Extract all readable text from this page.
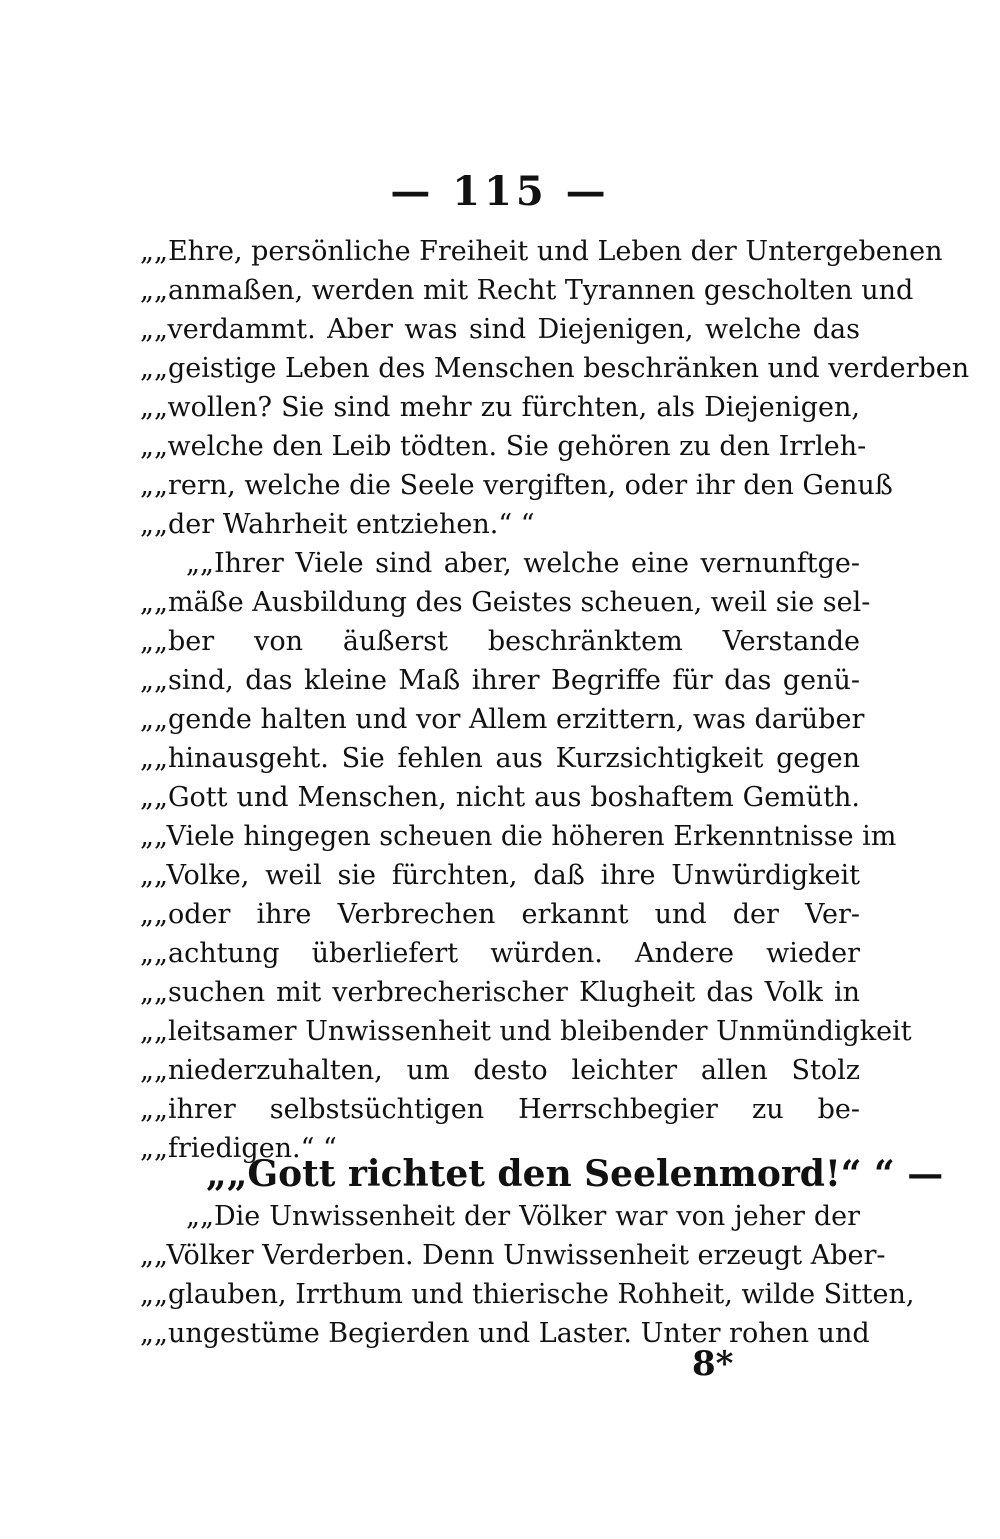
— 115 —
„„Ehre, persönliche Freiheit und Leben der Untergebenen
„„anmaßen, werden mit Recht Tyrannen gescholten und
„„verdammt. Aber was sind Diejenigen, welche das
„„geistige Leben des Menschen beschränken und verderben
„„wollen? Sie sind mehr zu fürchten, als Diejenigen,
„„welche den Leib tödten. Sie gehören zu den Irrleh-
„„rern, welche die Seele vergiften, oder ihr den Genuß
„„der Wahrheit entziehen.“ “
„„Ihrer Viele sind aber, welche eine vernunftge-
„„mäße Ausbildung des Geistes scheuen, weil sie sel-
„„ber von äußerst beschränktem Verstande
„„sind, das kleine Maß ihrer Begriffe für das genü-
„„gende halten und vor Allem erzittern, was darüber
„„hinausgeht. Sie fehlen aus Kurzsichtigkeit gegen
„„Gott und Menschen, nicht aus boshaftem Gemüth.
„„Viele hingegen scheuen die höheren Erkenntnisse im
„„Volke, weil sie fürchten, daß ihre Unwürdigkeit
„„oder ihre Verbrechen erkannt und der Ver-
„„achtung überliefert würden. Andere wieder
„„suchen mit verbrecherischer Klugheit das Volk in
„„leitsamer Unwissenheit und bleibender Unmündigkeit
„„niederzuhalten, um desto leichter allen Stolz
„„ihrer selbstsüchtigen Herrschbegier zu be-
„„friedigen.“ “
„„Gott richtet den Seelenmord!“ “ —
„„Die Unwissenheit der Völker war von jeher der
„„Völker Verderben. Denn Unwissenheit erzeugt Aber-
„„glauben, Irrthum und thierische Rohheit, wilde Sitten,
„„ungestüme Begierden und Laster. Unter rohen und
8*
